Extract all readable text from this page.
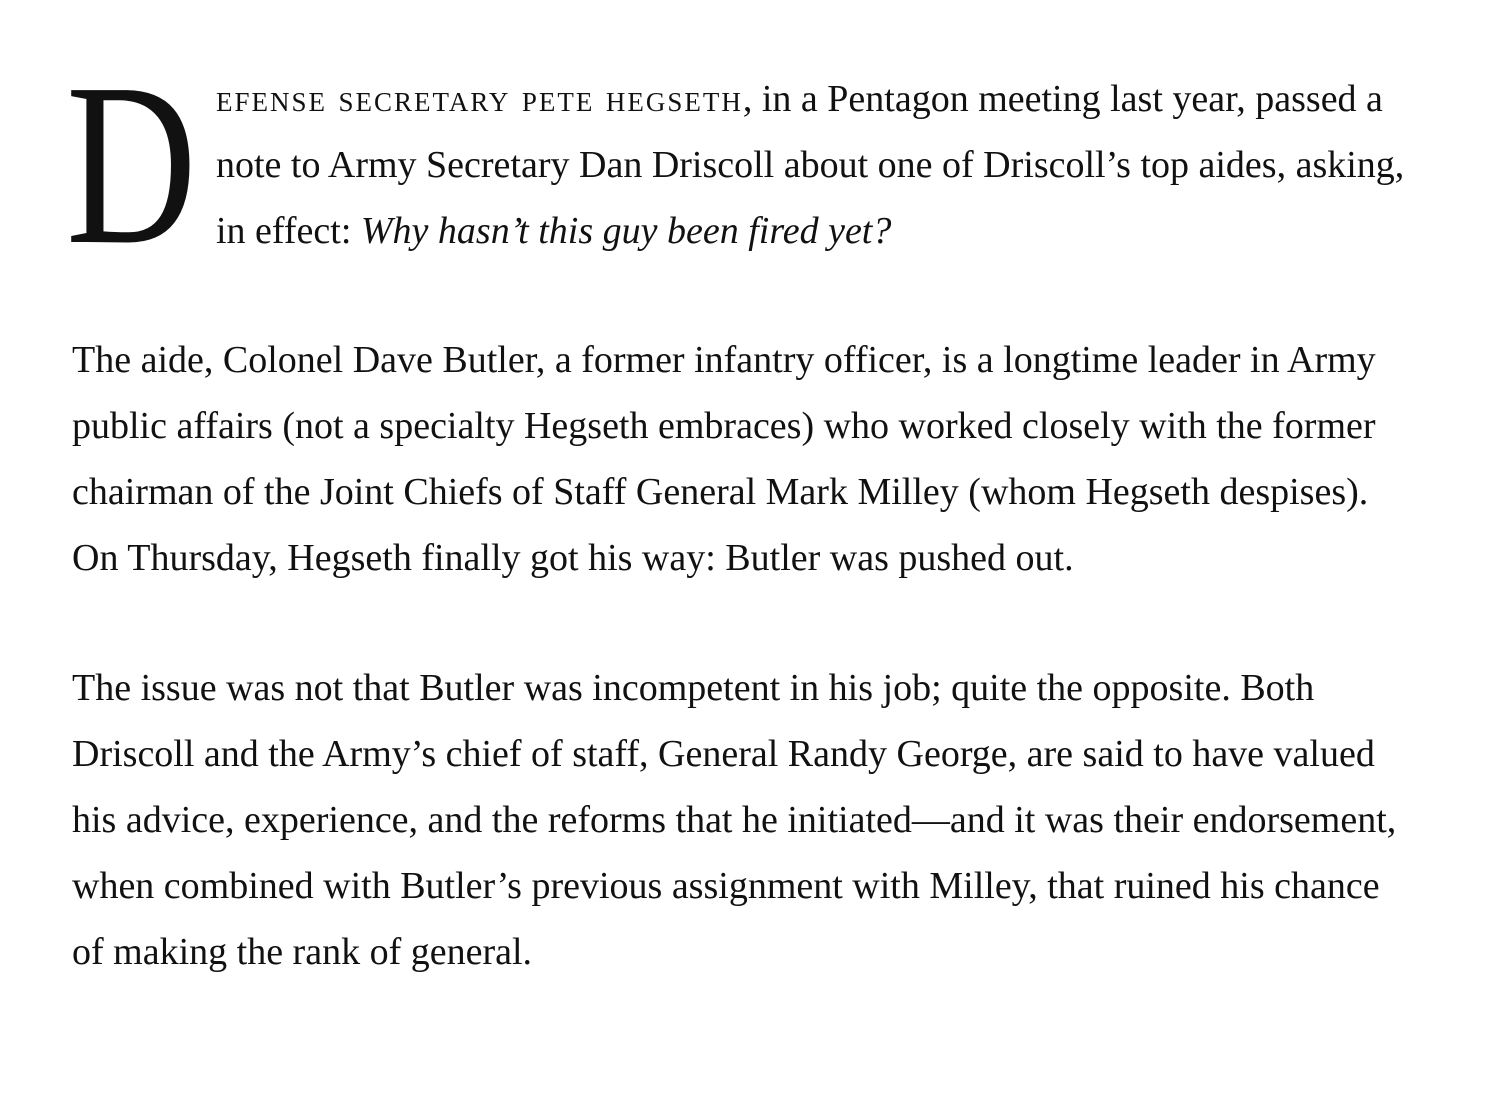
D efense secretary pete hegseth, in a Pentagon meeting last year, passed a note to Army Secretary Dan Driscoll about one of Driscoll’s top aides, asking, in effect: Why hasn’t this guy been fired yet?

The aide, Colonel Dave Butler, a former infantry officer, is a longtime leader in Army public affairs (not a specialty Hegseth embraces) who worked closely with the former chairman of the Joint Chiefs of Staff General Mark Milley (whom Hegseth despises). On Thursday, Hegseth finally got his way: Butler was pushed out.

The issue was not that Butler was incompetent in his job; quite the opposite. Both Driscoll and the Army’s chief of staff, General Randy George, are said to have valued his advice, experience, and the reforms that he initiated—and it was their endorsement, when combined with Butler’s previous assignment with Milley, that ruined his chance of making the rank of general.
